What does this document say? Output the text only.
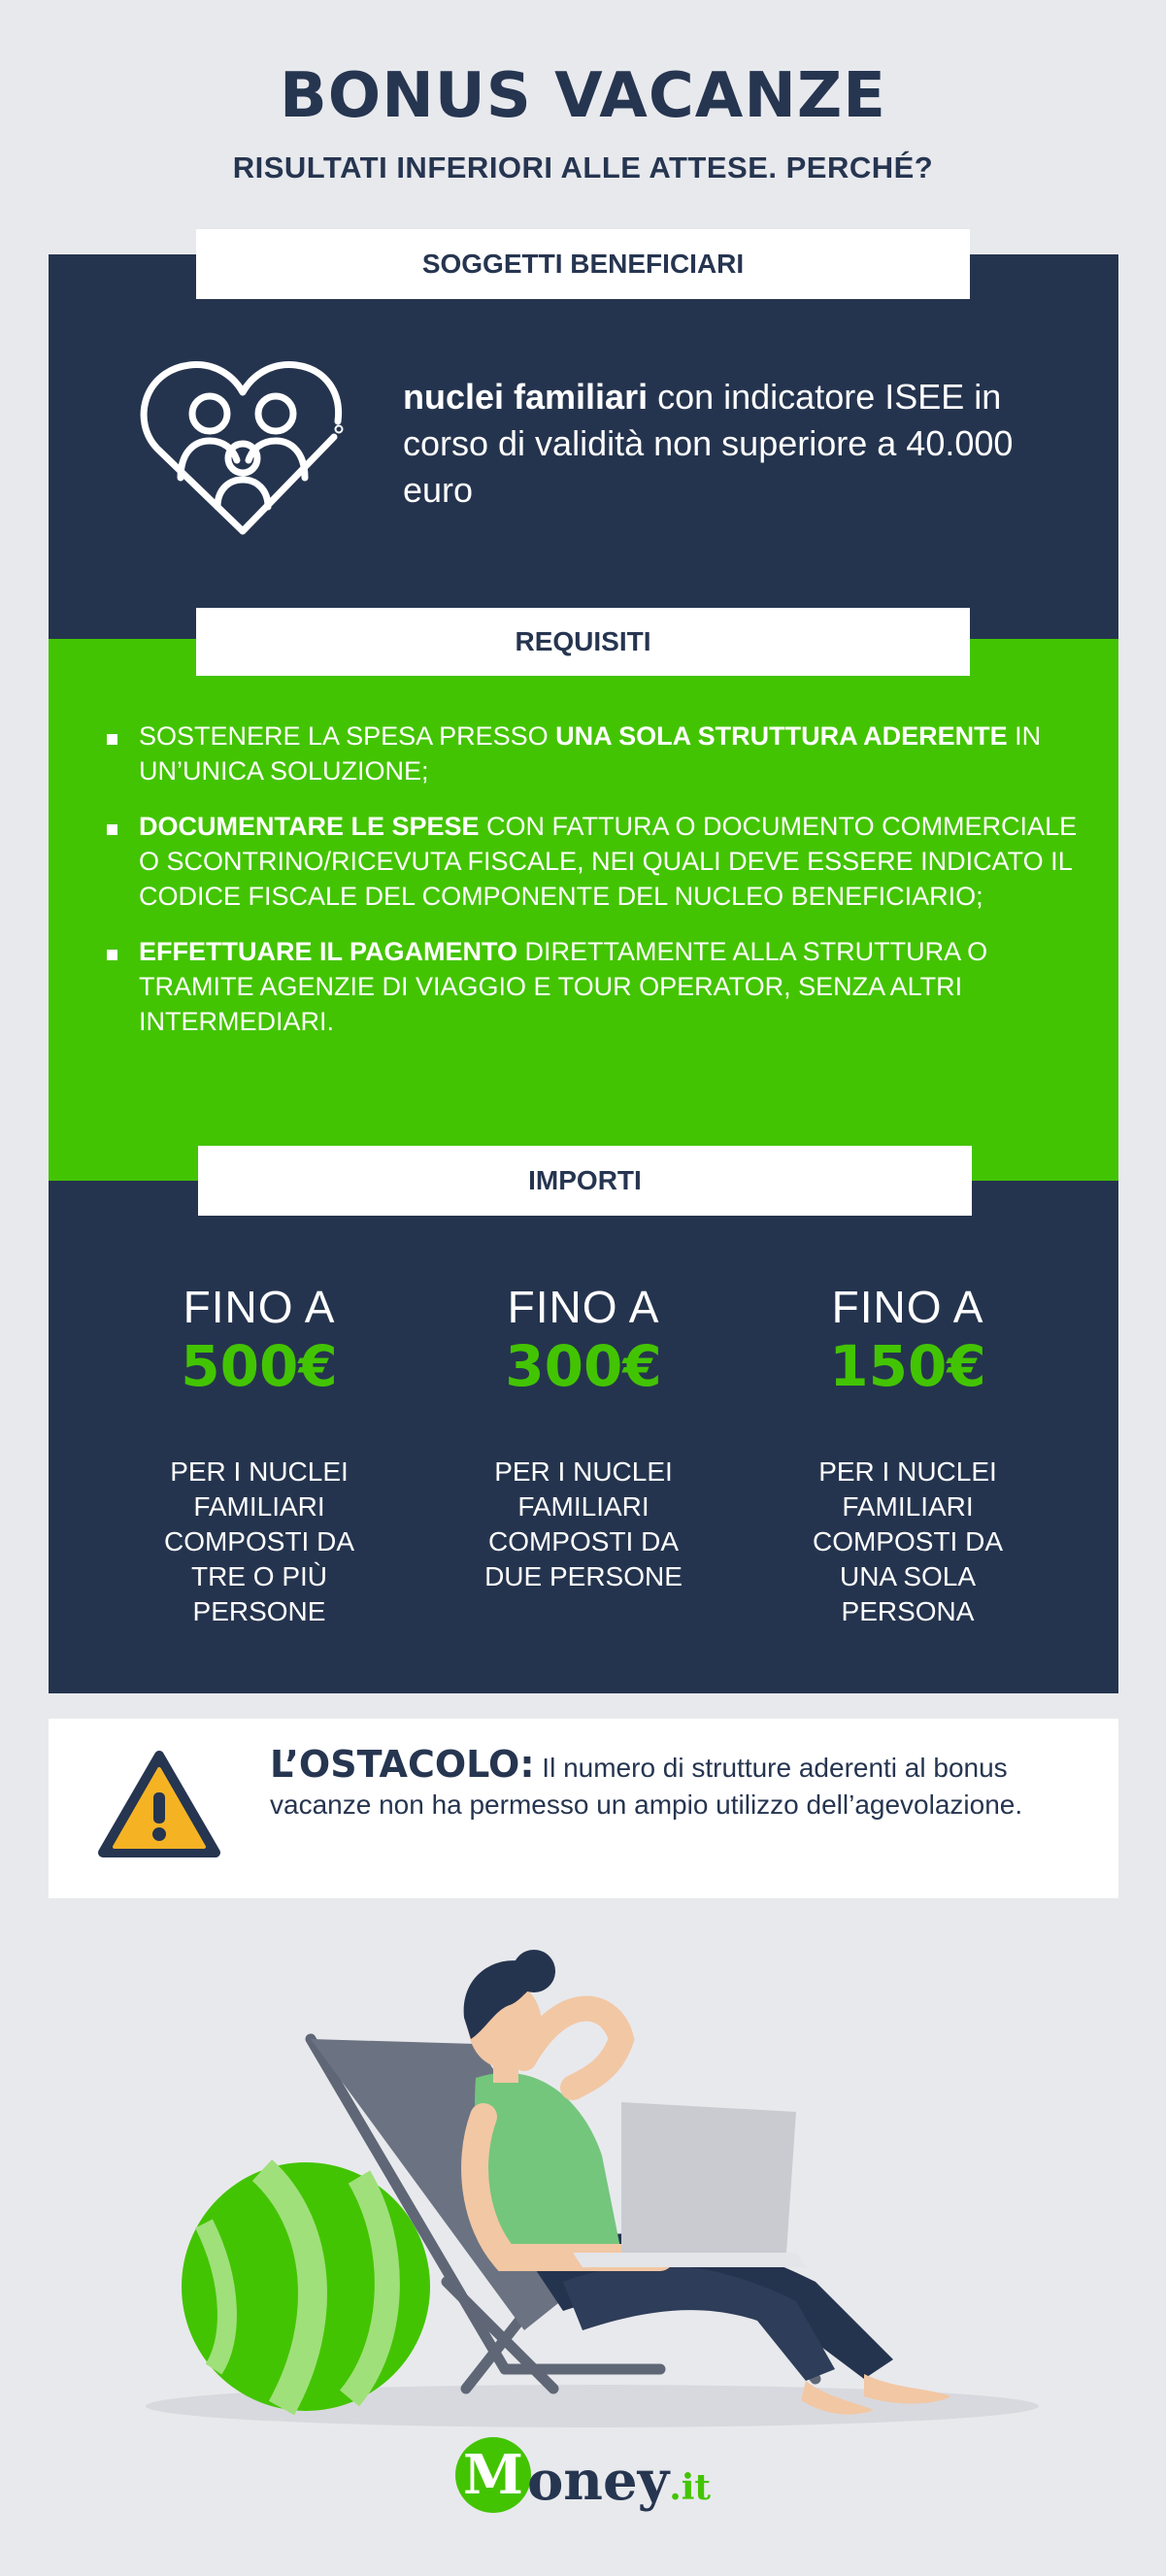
BONUS VACANZE
RISULTATI INFERIORI ALLE ATTESE. PERCHÉ?
SOGGETTI BENEFICIARI
nuclei familiari con indicatore ISEE in corso di validità non superiore a 40.000 euro
REQUISITI
SOSTENERE LA SPESA PRESSO UNA SOLA STRUTTURA ADERENTE IN UN’UNICA SOLUZIONE;
DOCUMENTARE LE SPESE CON FATTURA O DOCUMENTO COMMERCIALE O SCONTRINO/RICEVUTA FISCALE, NEI QUALI DEVE ESSERE INDICATO IL CODICE FISCALE DEL COMPONENTE DEL NUCLEO BENEFICIARIO;
EFFETTUARE IL PAGAMENTO DIRETTAMENTE ALLA STRUTTURA O TRAMITE AGENZIE DI VIAGGIO E TOUR OPERATOR, SENZA ALTRI INTERMEDIARI.
IMPORTI
FINO A
500€
PER I NUCLEI FAMILIARI COMPOSTI DA TRE O PIÙ PERSONE
FINO A
300€
PER I NUCLEI FAMILIARI COMPOSTI DA DUE PERSONE
FINO A
150€
PER I NUCLEI FAMILIARI COMPOSTI DA UNA SOLA PERSONA
L’OSTACOLO: Il numero di strutture aderenti al bonus vacanze non ha permesso un ampio utilizzo dell’agevolazione.
M oney .it
